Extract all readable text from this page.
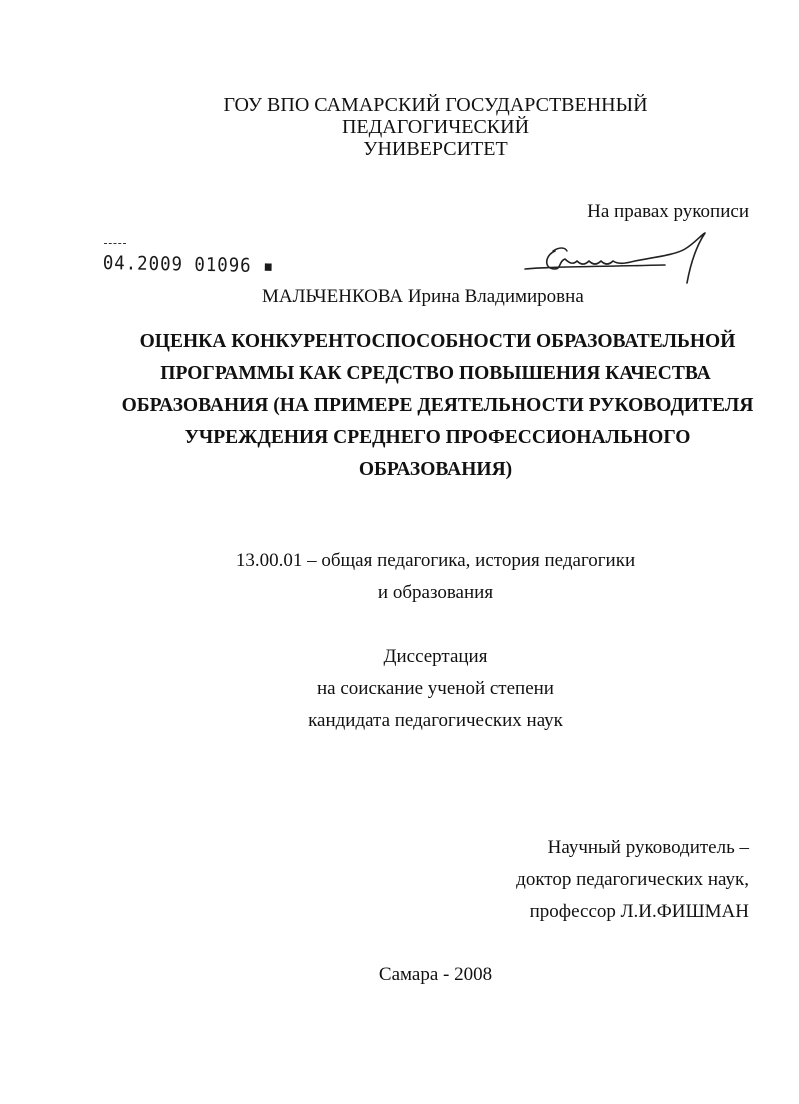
ГОУ ВПО САМАРСКИЙ ГОСУДАРСТВЕННЫЙ
ПЕДАГОГИЧЕСКИЙ
УНИВЕРСИТЕТ
На правах рукописи
04.2009 01096 ▪
МАЛЬЧЕНКОВА Ирина Владимировна
ОЦЕНКА КОНКУРЕНТОСПОСОБНОСТИ ОБРАЗОВАТЕЛЬНОЙ
ПРОГРАММЫ КАК СРЕДСТВО ПОВЫШЕНИЯ КАЧЕСТВА
ОБРАЗОВАНИЯ (НА ПРИМЕРЕ ДЕЯТЕЛЬНОСТИ РУКОВОДИТЕЛЯ
УЧРЕЖДЕНИЯ СРЕДНЕГО ПРОФЕССИОНАЛЬНОГО
ОБРАЗОВАНИЯ)
13.00.01 – общая педагогика, история педагогики
и образования
Диссертация
на соискание ученой степени
кандидата педагогических наук
Научный руководитель –
доктор педагогических наук,
профессор Л.И.ФИШМАН
Самара - 2008
